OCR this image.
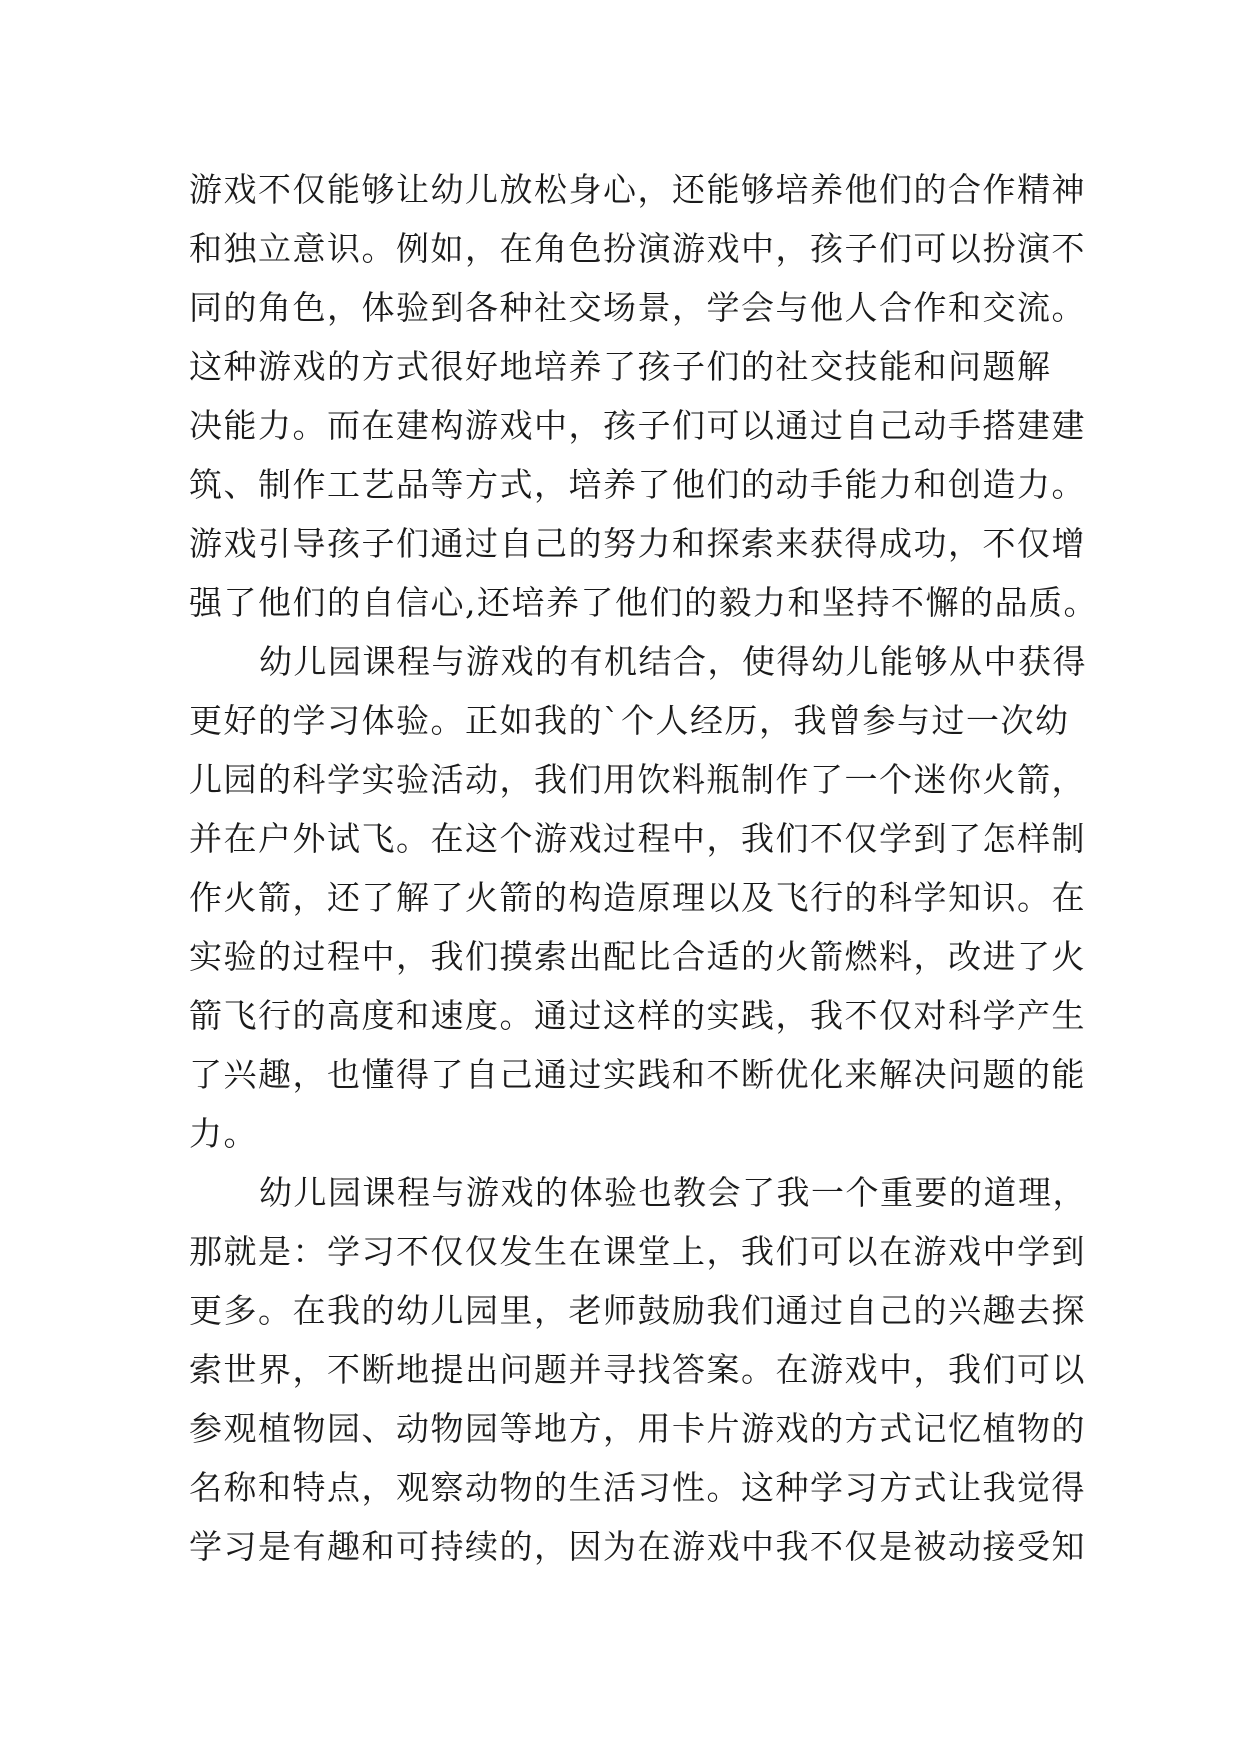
游戏不仅能够让幼儿放松身心，还能够培养他们的合作精神
和独立意识。例如，在角色扮演游戏中，孩子们可以扮演不
同的角色，体验到各种社交场景，学会与他人合作和交流。
这种游戏的方式很好地培养了孩子们的社交技能和问题解
决能力。而在建构游戏中，孩子们可以通过自己动手搭建建
筑、制作工艺品等方式，培养了他们的动手能力和创造力。
游戏引导孩子们通过自己的努力和探索来获得成功，不仅增
强了他们的自信心,还培养了他们的毅力和坚持不懈的品质。
幼儿园课程与游戏的有机结合，使得幼儿能够从中获得
更好的学习体验。正如我的`个人经历，我曾参与过一次幼
儿园的科学实验活动，我们用饮料瓶制作了一个迷你火箭，
并在户外试飞。在这个游戏过程中，我们不仅学到了怎样制
作火箭，还了解了火箭的构造原理以及飞行的科学知识。在
实验的过程中，我们摸索出配比合适的火箭燃料，改进了火
箭飞行的高度和速度。通过这样的实践，我不仅对科学产生
了兴趣，也懂得了自己通过实践和不断优化来解决问题的能
力。
幼儿园课程与游戏的体验也教会了我一个重要的道理，
那就是：学习不仅仅发生在课堂上，我们可以在游戏中学到
更多。在我的幼儿园里，老师鼓励我们通过自己的兴趣去探
索世界，不断地提出问题并寻找答案。在游戏中，我们可以
参观植物园、动物园等地方，用卡片游戏的方式记忆植物的
名称和特点，观察动物的生活习性。这种学习方式让我觉得
学习是有趣和可持续的，因为在游戏中我不仅是被动接受知
